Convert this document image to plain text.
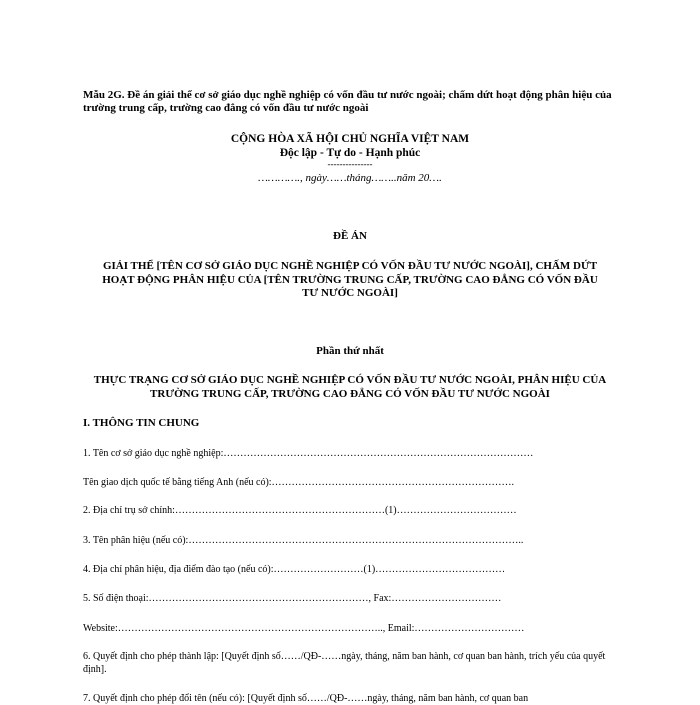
Mẫu 2G. Đề án giải thể cơ sở giáo dục nghề nghiệp có vốn đầu tư nước ngoài; chấm dứt hoạt động phân hiệu của trường trung cấp, trường cao đẳng có vốn đầu tư nước ngoài
CỘNG HÒA XÃ HỘI CHỦ NGHĨA VIỆT NAM
Độc lập - Tự do - Hạnh phúc
---------------
…………., ngày……tháng……..năm 20….
ĐỀ ÁN
GIẢI THỂ [TÊN CƠ SỞ GIÁO DỤC NGHỀ NGHIỆP CÓ VỐN ĐẦU TƯ NƯỚC NGOÀI], CHẤM DỨT HOẠT ĐỘNG PHÂN HIỆU CỦA [TÊN TRƯỜNG TRUNG CẤP, TRƯỜNG CAO ĐẲNG CÓ VỐN ĐẦU TƯ NƯỚC NGOÀI]
Phần thứ nhất
THỰC TRẠNG CƠ SỞ GIÁO DỤC NGHỀ NGHIỆP CÓ VỐN ĐẦU TƯ NƯỚC NGOÀI, PHÂN HIỆU CỦA TRƯỜNG TRUNG CẤP, TRƯỜNG CAO ĐẲNG CÓ VỐN ĐẦU TƯ NƯỚC NGOÀI
I. THÔNG TIN CHUNG
1. Tên cơ sở giáo dục nghề nghiệp:…………………………………………………………………………………
Tên giao dịch quốc tế bằng tiếng Anh (nếu có):……………………………………………………………….
2. Địa chỉ trụ sở chính:………………………………………………………(1)………………………………
3. Tên phân hiệu (nếu có):………………………………………………………………………………………..
4. Địa chỉ phân hiệu, địa điểm đào tạo (nếu có):………………………(1)…………………………………
5. Số điện thoại:…………………………………………………………, Fax:……………………………
Website:…………………………………………………………………….., Email:……………………………
6. Quyết định cho phép thành lập: [Quyết định số……/QĐ-……ngày, tháng, năm ban hành, cơ quan ban hành, trích yếu của quyết định].
7. Quyết định cho phép đổi tên (nếu có): [Quyết định số……/QĐ-……ngày, tháng, năm ban hành, cơ quan ban
